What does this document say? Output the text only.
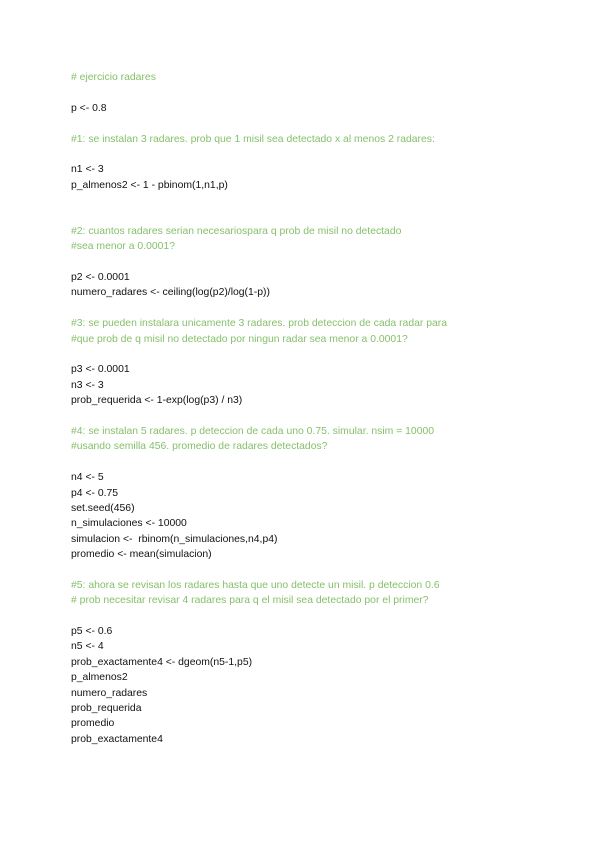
# ejercicio radares
p <- 0.8
#1: se instalan 3 radares. prob que 1 misil sea detectado x al menos 2 radares:
n1 <- 3
p_almenos2 <- 1 - pbinom(1,n1,p)
#2: cuantos radares serian necesariospara q prob de misil no detectado
#sea menor a 0.0001?
p2 <- 0.0001
numero_radares <- ceiling(log(p2)/log(1-p))
#3: se pueden instalara unicamente 3 radares. prob deteccion de cada radar para
#que prob de q misil no detectado por ningun radar sea menor a 0.0001?
p3 <- 0.0001
n3 <- 3
prob_requerida <- 1-exp(log(p3) / n3)
#4: se instalan 5 radares. p deteccion de cada uno 0.75. simular. nsim = 10000
#usando semilla 456. promedio de radares detectados?
n4 <- 5
p4 <- 0.75
set.seed(456)
n_simulaciones <- 10000
simulacion <-  rbinom(n_simulaciones,n4,p4)
promedio <- mean(simulacion)
#5: ahora se revisan los radares hasta que uno detecte un misil. p deteccion 0.6
# prob necesitar revisar 4 radares para q el misil sea detectado por el primer?
p5 <- 0.6
n5 <- 4
prob_exactamente4 <- dgeom(n5-1,p5)
p_almenos2
numero_radares
prob_requerida
promedio
prob_exactamente4
